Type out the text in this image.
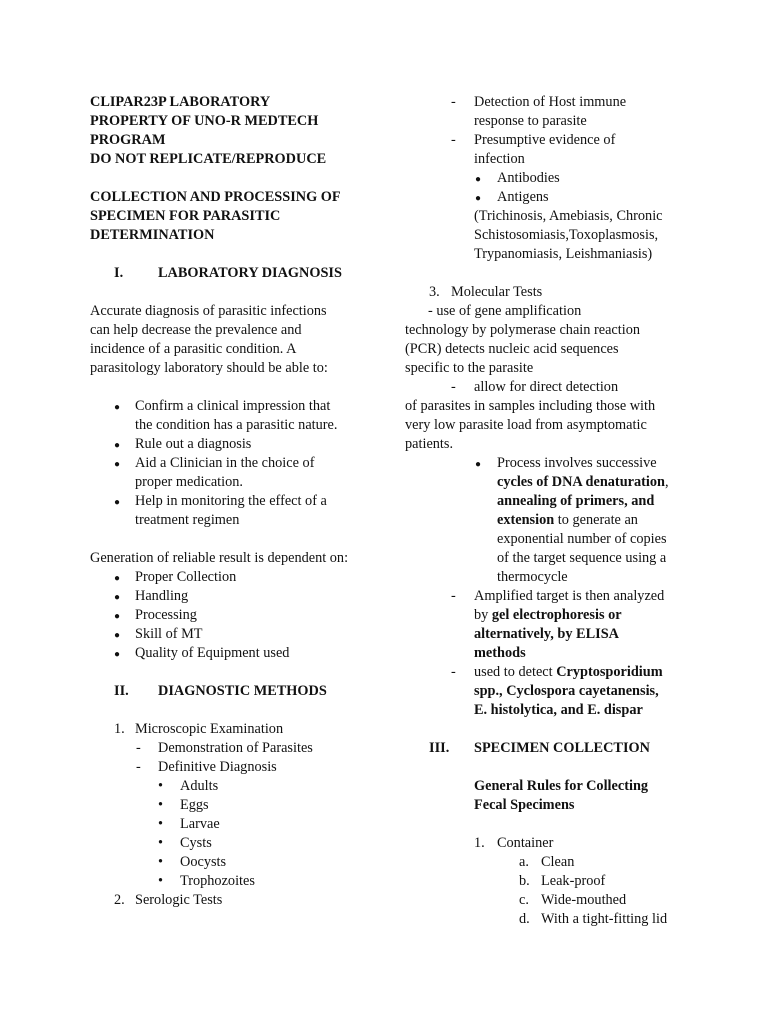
CLIPAR23P LABORATORY
PROPERTY OF UNO-R MEDTECH
PROGRAM
DO NOT REPLICATE/REPRODUCE
COLLECTION AND PROCESSING OF
SPECIMEN FOR PARASITIC
DETERMINATION
I. LABORATORY DIAGNOSIS
Accurate diagnosis of parasitic infections
can help decrease the prevalence and
incidence of a parasitic condition. A
parasitology laboratory should be able to:
●
Confirm a clinical impression that
the condition has a parasitic nature.
●
Rule out a diagnosis
●
Aid a Clinician in the choice of
proper medication.
●
Help in monitoring the effect of a
treatment regimen
Generation of reliable result is dependent on:
●
Proper Collection
●
Handling
●
Processing
●
Skill of MT
●
Quality of Equipment used
II. DIAGNOSTIC METHODS
1. Microscopic Examination
- Demonstration of Parasites
- Definitive Diagnosis
• Adults
• Eggs
• Larvae
• Cysts
• Oocysts
• Trophozoites
2. Serologic Tests
- Detection of Host immune
response to parasite
- Presumptive evidence of
infection
●
Antibodies
●
Antigens
(Trichinosis, Amebiasis, Chronic
Schistosomiasis,Toxoplasmosis,
Trypanomiasis, Leishmaniasis)
3. Molecular Tests
- use of gene amplification
technology by polymerase chain reaction
(PCR) detects nucleic acid sequences
specific to the parasite
- allow for direct detection
of parasites in samples including those with
very low parasite load from asymptomatic
patients.
●
Process involves successive
cycles of DNA denaturation,
annealing of primers, and
extension to generate an
exponential number of copies
of the target sequence using a
thermocycle
- Amplified target is then analyzed
by gel electrophoresis or
alternatively, by ELISA
methods
- used to detect Cryptosporidium
spp., Cyclospora cayetanensis,
E. histolytica, and E. dispar
III. SPECIMEN COLLECTION
General Rules for Collecting
Fecal Specimens
1. Container
a. Clean
b. Leak-proof
c. Wide-mouthed
d. With a tight-fitting lid
